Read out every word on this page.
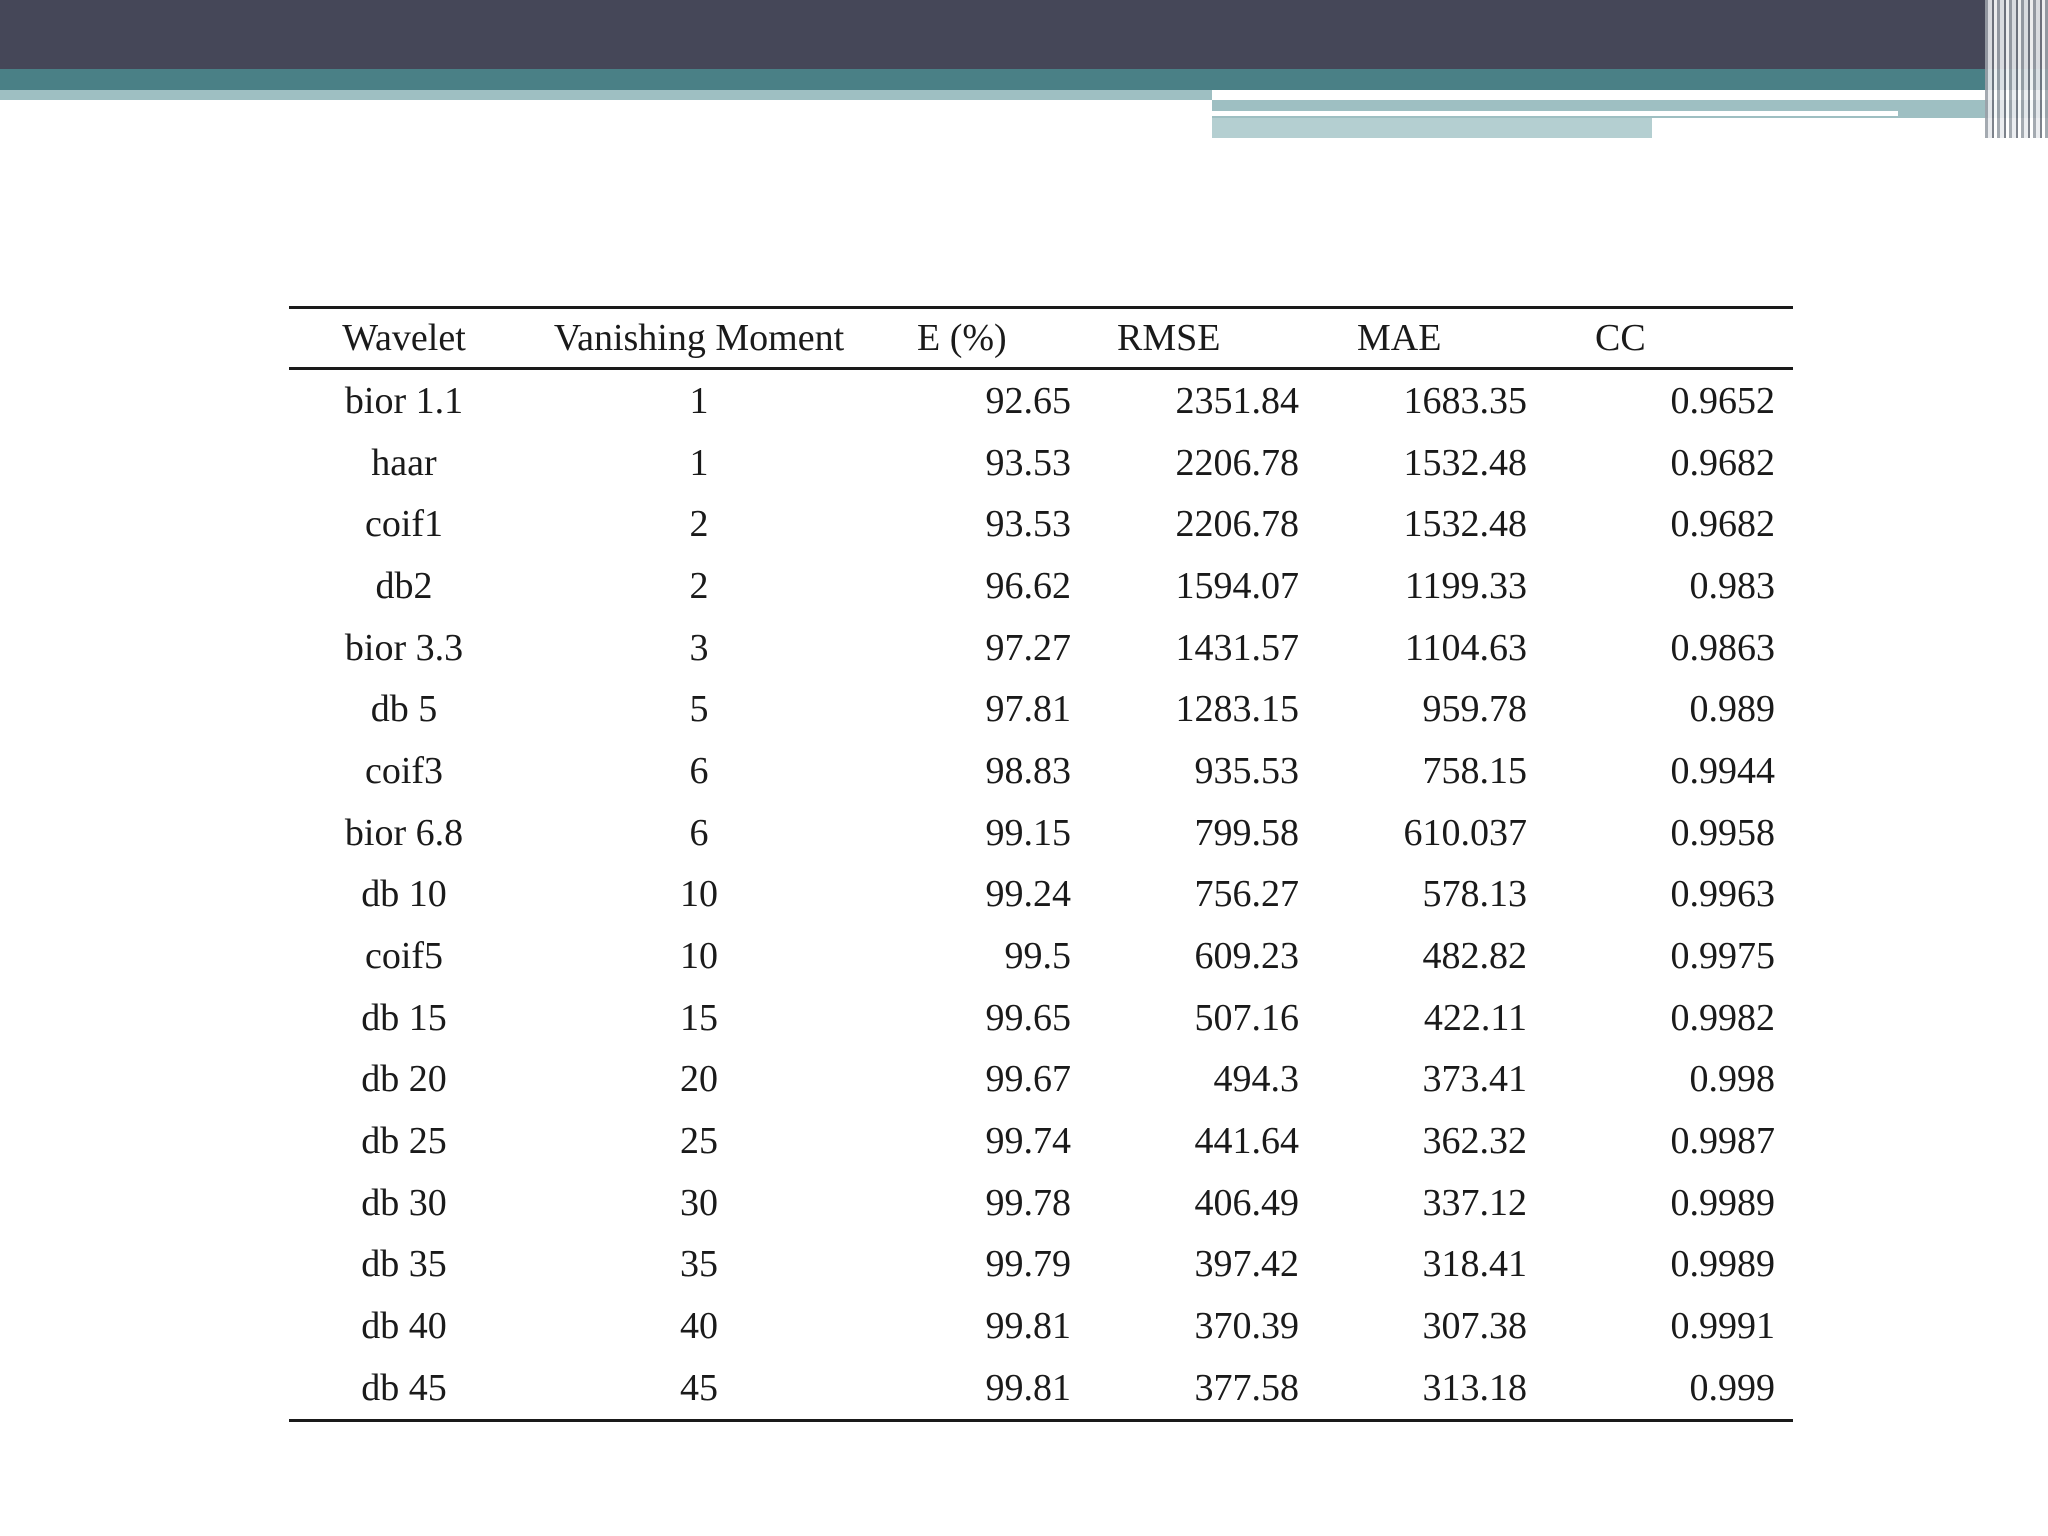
Wavelet	Vanishing Moment	E (%)	RMSE	MAE	CC
bior 1.1	1	92.65	2351.84	1683.35	0.9652
haar	1	93.53	2206.78	1532.48	0.9682
coif1	2	93.53	2206.78	1532.48	0.9682
db2	2	96.62	1594.07	1199.33	0.983
bior 3.3	3	97.27	1431.57	1104.63	0.9863
db 5	5	97.81	1283.15	959.78	0.989
coif3	6	98.83	935.53	758.15	0.9944
bior 6.8	6	99.15	799.58	610.037	0.9958
db 10	10	99.24	756.27	578.13	0.9963
coif5	10	99.5	609.23	482.82	0.9975
db 15	15	99.65	507.16	422.11	0.9982
db 20	20	99.67	494.3	373.41	0.998
db 25	25	99.74	441.64	362.32	0.9987
db 30	30	99.78	406.49	337.12	0.9989
db 35	35	99.79	397.42	318.41	0.9989
db 40	40	99.81	370.39	307.38	0.9991
db 45	45	99.81	377.58	313.18	0.999
